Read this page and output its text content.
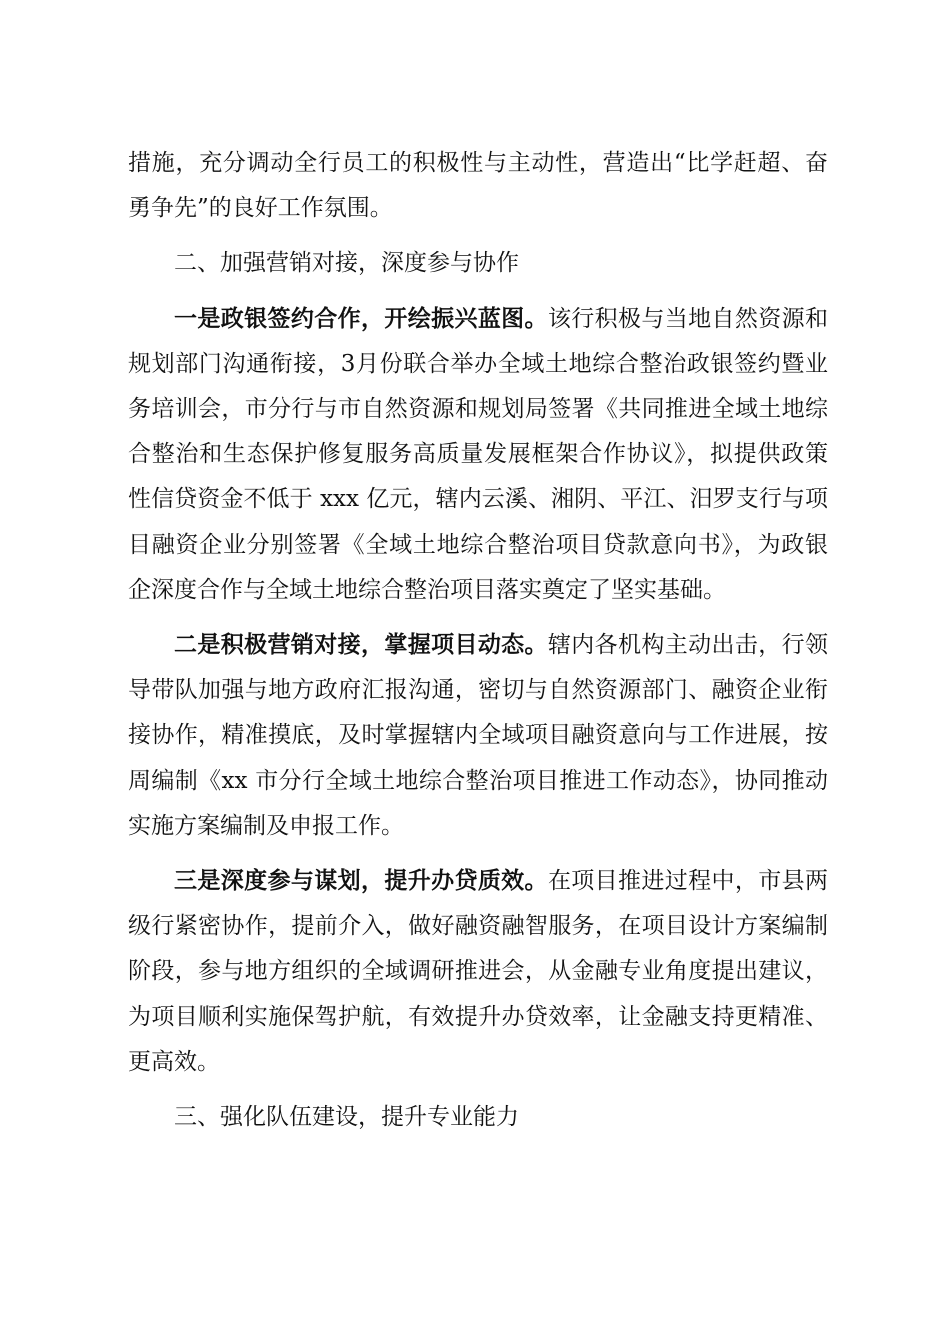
措施，充分调动全行员工的积极性与主动性，营造出“比学赶超、奋勇争先”的良好工作氛围。

二、加强营销对接，深度参与协作

一是政银签约合作，开绘振兴蓝图。该行积极与当地自然资源和规划部门沟通衔接，3月份联合举办全域土地综合整治政银签约暨业务培训会，市分行与市自然资源和规划局签署《共同推进全域土地综合整治和生态保护修复服务高质量发展框架合作协议》，拟提供政策性信贷资金不低于 xxx 亿元，辖内云溪、湘阴、平江、汨罗支行与项目融资企业分别签署《全域土地综合整治项目贷款意向书》，为政银企深度合作与全域土地综合整治项目落实奠定了坚实基础。

二是积极营销对接，掌握项目动态。辖内各机构主动出击，行领导带队加强与地方政府汇报沟通，密切与自然资源部门、融资企业衔接协作，精准摸底，及时掌握辖内全域项目融资意向与工作进展，按周编制《xx 市分行全域土地综合整治项目推进工作动态》，协同推动实施方案编制及申报工作。

三是深度参与谋划，提升办贷质效。在项目推进过程中，市县两级行紧密协作，提前介入，做好融资融智服务，在项目设计方案编制阶段，参与地方组织的全域调研推进会，从金融专业角度提出建议，为项目顺利实施保驾护航，有效提升办贷效率，让金融支持更精准、更高效。

三、强化队伍建设，提升专业能力
